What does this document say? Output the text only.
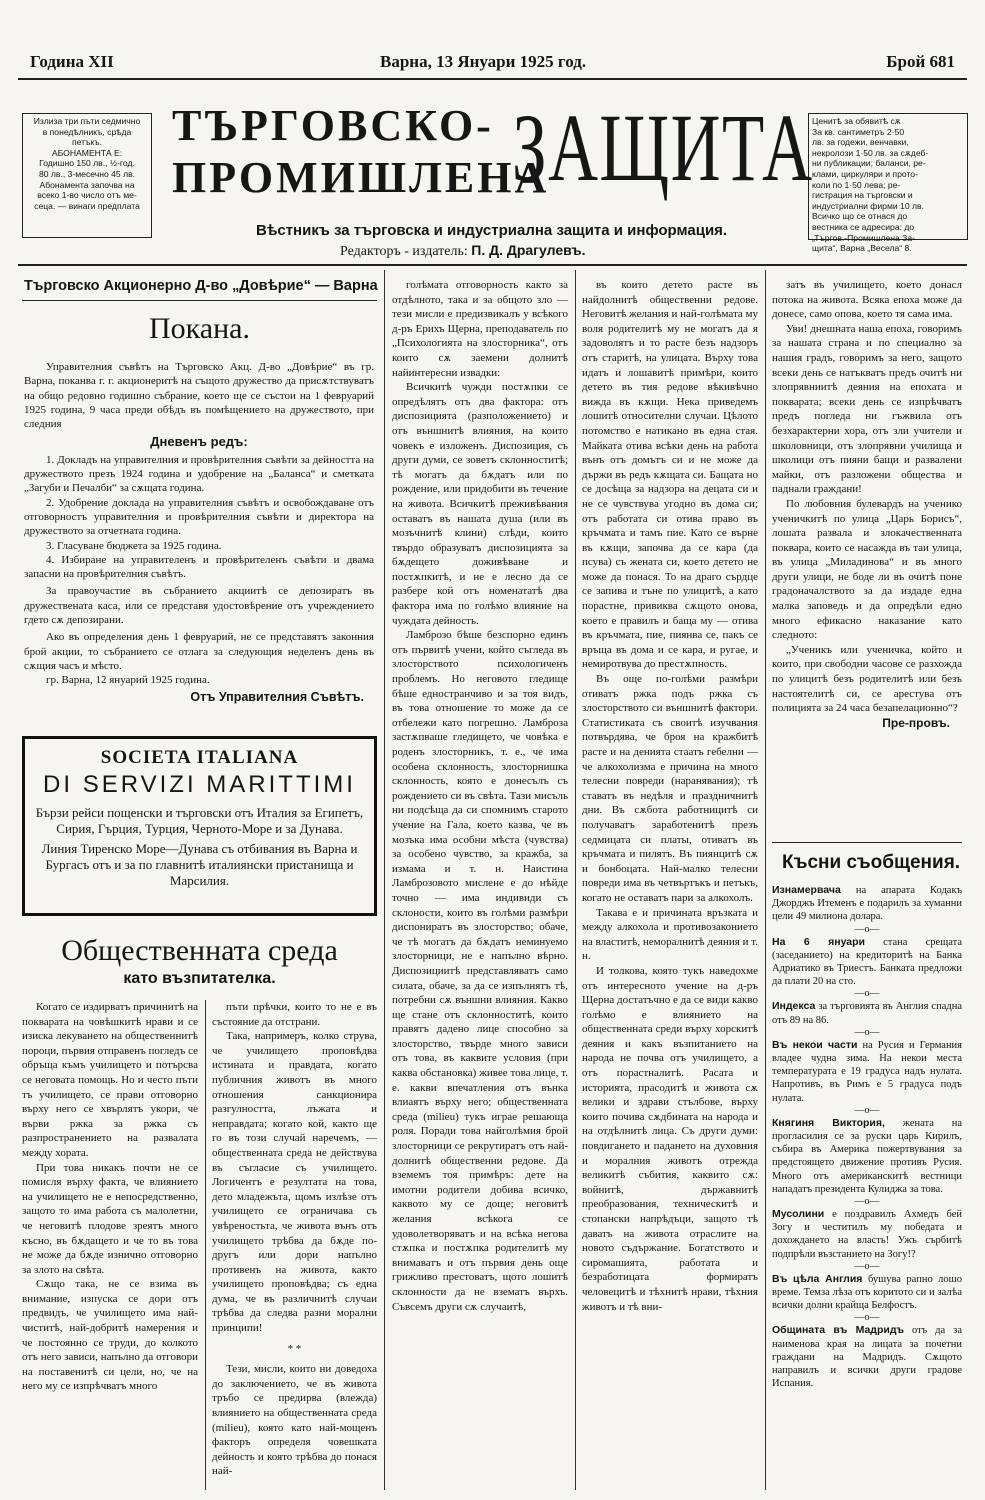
Година XII	Варна, 13 Януари 1925 год.	Брой 681
Излиза три пъти седмично
в понедѣлникъ, срѣда
петъкъ.
АБОНАМЕНТА Е:
Годишно 150 лв., ½-год.
80 лв., 3-месечно 45 лв.
Абонамента започва на
всеко 1-во число отъ ме-
сеца. — винаги предплата
ТЪРГОВСКО-
ПРОМИШЛЕНА
ЗАЩИТА
Ценитѣ за обявитѣ сѫ
За кв. сантиметръ 2·50
лв. за годежи, венчавки,
некролози 1·50 лв. за сѫдеб-
ни публикации; баланси, ре-
клами, циркуляри и прото-
коли по 1·50 лева; ре-
гистрация на търговски и
индустриални фирми 10 лв.
Всичко що се отнася до
вестника се адресира: до
„Търгов.-Промишлена За-
щита“, Варна „Весела“ 8.
Вѣстникъ за търговска и индустриална защита и информация.
Редакторъ - издатель: П. Д. Драгулевъ.
Търговско Акционерно Д-во „Довѣрие“ — Варна
Покана.

Управителния съвѣтъ на Търговско Акц. Д-во „Довѣрие“ въ гр. Варна, поканва г. г. акционеритѣ на същото дружество да присѫтствуватъ на общо редовно годишно събрание, което ще се състои на 1 февруарий 1925 година, 9 часа преди обѣдъ въ помѣщението на дружеството, при следния

Дневенъ редъ:

1. Докладъ на управителния и провѣрителния съвѣти за дейността на дружеството презъ 1924 година и удобрение на „Баланса“ и сметката „Загуби и Печалби“ за сѫщата година.

2. Удобрение доклада на управителния съвѣтъ и освобождаване отъ отговорностъ управителния и провѣрителния съвѣти и директора на дружеството за отчетната година.

3. Гласуване бюджета за 1925 година.

4. Избиране на управителенъ и провѣрителенъ съвѣти и двама запасни на провѣрителния съвѣтъ.

За правоучастие въ събранието акциитѣ се депозиратъ въ дружествената каса, или се представя удостовѣрение отъ учреждението гдето сѫ депозирани.

Ако въ определения день 1 февруарий, не се представятъ законния брой акции, то събранието се отлага за следующия неделенъ день въ сѫщия часъ и мѣсто.

гр. Варна, 12 януарий 1925 година.

Отъ Управителния Съвѣтъ.
SOCIETA ITALIANA
DI SERVIZI MARITTIMI
Бързи рейси пощенски и търговски отъ Италия за Египетъ, Сирия, Гърция, Турция, Черното-Море и за Дунава.
Линия Тиренско Море—Дунава съ отбивания въ Варна и Бургасъ отъ и за по главнитѣ италиянски пристанища и Марсилия.
Общественната среда
като възпитателка.

Когато се издирватъ причинитѣ на покварата на човѣшкитѣ нрави и се изиска лекуването на общественнитѣ пороци, първия отправенъ погледъ се обръща къмъ училището и потърсва се неговата помощь. Но и често пъти тъ училището, се прави отговорно върху него се хвърлятъ укори, че върви ржка за ржка съ разпространението на развалата между хората.

При това никакъ почти не се помисля върху факта, че влиянието на училището не е непосредственно, защото то има работа съ малолетни, че неговитѣ плодове зреятъ много късно, въ бѫдащето и че то въ това не може да бѫде изнично отговорно за злото на свѣта.

Сѫщо така, не се взима въ внимание, изпуска се дори отъ предвидъ, че училището има най-чиститѣ, най-добритѣ намерения и че постоянно се труди, до колкото отъ него зависи, напълно да отговори на поставенитѣ си цели, но, че на него му се изпрѣчватъ много

пъти прѣчки, които то не е въ състояние да отстрани.

Така, напримеръ, колко струва, че училището проповѣдва истината и правдата, когато публичния животъ въ много отношения санкционира разгулността, лъжата и неправдата; когато кой, както ще го въ този случай наречемъ, — общественната среда не действува въ съгласие съ училището. Логичентъ е резултата на това, дето младежъта, щомъ излѣзе отъ училището се ограничава съ увѣреностьта, че живота вънъ отъ училището трѣбва да бѫде по-другъ или дори напълно противенъ на живота, както училището проповѣдва; съ една дума, че въ различнитѣ случаи трѣбва да следва разни морални принципи!

* *

Тези, мисли, които ни доведоха до заключението, че въ живота тръбо се предирва (влежда) влиянието на общественната среда (milieu), която като най-мощенъ факторъ определя човешката дейность и която трѣбва до понася най-

голѣмата отговорность както за отдѣлното, така и за общото зло — тези мисли е предизвикалъ у всѣкого д-ръ Ерихъ Щерна, преподаватель по „Психологията на злосторника“, отъ които сѫ заемени долнитѣ найинтересни извадки:

Всичкитѣ чужди постѫпки се опредѣлятъ отъ два фактора: отъ диспозицията (разположението) и отъ външнитѣ влияния, на които човекъ е изложенъ. Диспозиция, съ други думи, се зоветъ склонноститѣ; тѣ могатъ да бѫдатъ или по рождение, или придобити въ течение на живота. Всичкитѣ преживѣвания оставатъ въ нашата душа (или въ мозъчнитѣ клини) слѣди, които твърдо образуватъ диспозицията за бѫдещето доживѣване и постѫпкитѣ, и не е лесно да се разбере кой отъ номенататѣ два фактора има по голѣмо влияние на чуждата дейность.

Ламброзо бѣше безспорно единъ отъ първитѣ учени, който съгледа въ злосторството психологиченъ проблемъ. Но неговото гледище бѣше едностранчиво и за тоя видъ, въ това отношение то може да се отбележи като погрешно. Ламброза застѫпваше гледището, че човѣка е роденъ злосторникъ, т. е., че има особена склонность, злосторнишка склонность, която е донесълъ съ рождението си въ свѣта. Тази мисъль ни подсѣща да си спомнимъ старото учение на Гала, което казва, че въ мозъка има особни мѣста (чувства) за особено чувство, за кражба, за измама и т. н. Наистина Ламброзовото мислене е до нѣйде точно — има индивиди съ склоности, които въ голѣми размѣри диспониратъ въ злосторство; обаче, че тѣ могатъ да бѫдатъ неминуемо злосторници, не е напълно вѣрно. Диспозициитѣ представляватъ само силата, обаче, за да се изпълнятъ тѣ, потребни сѫ външни влияния. Какво ще стане отъ склонноститѣ, които правятъ дадено лице способно за злосторство, твърде много зависи отъ това, въ каквите условия (при каква обстановка) живее това лице, т. е. какви впечатления отъ вънка влиаятъ върху него; общественната среда (milieu) тукъ играе решающа роля. Поради това найголѣмия брой злосторници се рекрутиратъ отъ най-долнитѣ общественни редове. Да вземемъ тоя примѣръ: дете на имотни родители добива всичко, каквото му се доще; неговитѣ желания всѣкога се удоволетворяватъ и на всѣка негова стѫпка и постѫпка родителитѣ му внимаватъ и отъ първия день още грижливо престоватъ, щото лошитѣ склонности да не взематъ върхъ. Съвсемъ други сѫ случаитѣ,

въ които детето расте въ найдолнитѣ общественни редове. Неговитѣ желания и най-голѣмата му воля родителитѣ му не могатъ да я задоволятъ и то расте безъ надзоръ отъ старитѣ, на улицата. Върху това идатъ и лошавитѣ примѣри, които детето въ тия редове вѣкивѣчно вижда въ кѫщи. Нека приведемъ лошитѣ относителни случаи. Цѣлото потомство е натикано въ една стая. Майката отива всѣки день на работа вънъ отъ домътъ си и не може да държи въ редъ кѫщата си. Бащата но се досѣща за надзора на децата си и не се чувствува угодно въ дома си; отъ работата си отива право въ кръчмата и тамъ пие. Като се върне въ кѫщи, започва да се кара (да псува) съ жената си, което детето не може да понася. То на драго сърдце се запива и тъне по улицитѣ, а като порастне, привиква сѫщото онова, което е правилъ и баща му — отива въ кръчмата, пие, пиянва се, пакъ се връща въ дома и се кара, и ругае, и немиротвува до престѫпность.

Въ още по-голѣми размѣри отиватъ ржка подъ ржка съ злосторството си външнитѣ фактори. Статистиката съ своитѣ изучвания потвърдява, че броя на кражбитѣ расте и на денията стаатъ гебелни — че алкохолизма е причина на много телесни повреди (наранявания); тѣ ставатъ въ недѣля и праздничнитѣ дни. Въ сѫбота работницитѣ си получаватъ заработенитѣ презъ седмицата си платы, отиватъ въ кръчмата и пилятъ. Въ пиянцитѣ сѫ и бонбоцата. Най-малко телесни повреди има въ четвъртъкъ и петъкъ, когато не оставатъ пари за алкохолъ.

Такава е и причината връзката и между алкохола и противозаконието на властитѣ, неморалнитѣ деяния и т. н.

И толкова, която тукъ наведохме отъ интересното учение на д-ръ Щерна достатъчно е да се види какво голѣмо е влиянието на общественната среди върху хорскитѣ деяния и какъ възпитанието на народа не почва отъ училището, а отъ порастналитѣ. Расата и историята, прасодитѣ и живота сѫ велики и здрави стълбове, върху които почива сѫдбината на народа и на отдѣлнитѣ лица. Съ други думи: повдигането и падането на духовния и моралния животъ отрежда великитѣ събития, каквито сѫ: войнитѣ, държавнитѣ преобразования, техническитѣ и стопански напрѣдъци, защото тѣ даватъ на живота отраслите на новото съдържание. Богатството и сиромашията, работата и безработицата формиратъ человецитѣ и тѣхнитѣ нрави, тѣхния животъ и тѣ вни-

затъ въ училището, което донасл потока на живота. Всяка епоха може да донесе, само опова, което тя сама има.

Уви! днешната наша епоха, говоримъ за нашата страна и по специално за нашия градъ, говоримъ за него, защото всеки день се натъкватъ предъ очитѣ ни злопрявниитѣ деяния на епохата и покварата; всеки день се изпрѣчватъ предъ погледа ни гъжвила отъ безхарактерни хора, отъ зли учители и школовници, отъ злопрявни училища и школици отъ пияни бащи и развалени майки, отъ разложени общества и паднали граждани!

По любовния булевардъ на ученико ученичкитѣ по улица „Царь Борисъ“, лошата развала и злокачественната поквара, които се насажда въ таи улица, въ улица „Миладинова“ и въ много други улици, не боде ли въ очитѣ поне градоначалството за да издаде една малка заповедь и да опредѣли едно много ефикасно наказание като следното:

„Ученикъ или ученичка, който и които, при свободни часове се разхожда по улицитѣ безъ родителитѣ или безъ настоятелитѣ си, се арестува отъ полицията за 24 часа безапелационно“?

Пре-провъ.
Късни съобщения.
Изнамервача на апарата Кодакъ Джорджъ Итеменъ е подарилъ за хуманни цели 49 милиона долара.
—o—
На 6 януари стана срещата (заседанието) на кредиторитѣ на Банка Адриатико въ Триестъ. Банката предложи да плати 20 на сто.
—o—
Индекса за търговията въ Англия спадна отъ 89 на 86.
—o—
Въ некои части на Русия и Германия владее чудна зима. На некои места температурата е 19 градуса надъ нулата. Напротивъ, въ Римъ е 5 градуса подъ нулата.
—o—
Княгиня Виктория, жената на прогласилия се за руски царь Кирилъ, събира въ Америка пожертвувания за предстоящето движение противъ Русия. Много отъ американскитѣ вестници нападатъ президента Кулиджа за това.
—o—
Мусолини е поздравилъ Ахмедъ бей Зогу и честитилъ му победата и дохождането на власть! Ужъ сърбитѣ подпрѣли възстанието на Зогу!?
—o—
Въ цѣла Англия бушува рапно лошо време. Темза лѣза отъ коритото си и залѣа всички долни крайща Белфостъ.
—o—
Общината въ Мадридъ отъ да за наименова края на лицата за почетни граждани на Мадридъ. Сѫщото направилъ и всички други градове Испания.
